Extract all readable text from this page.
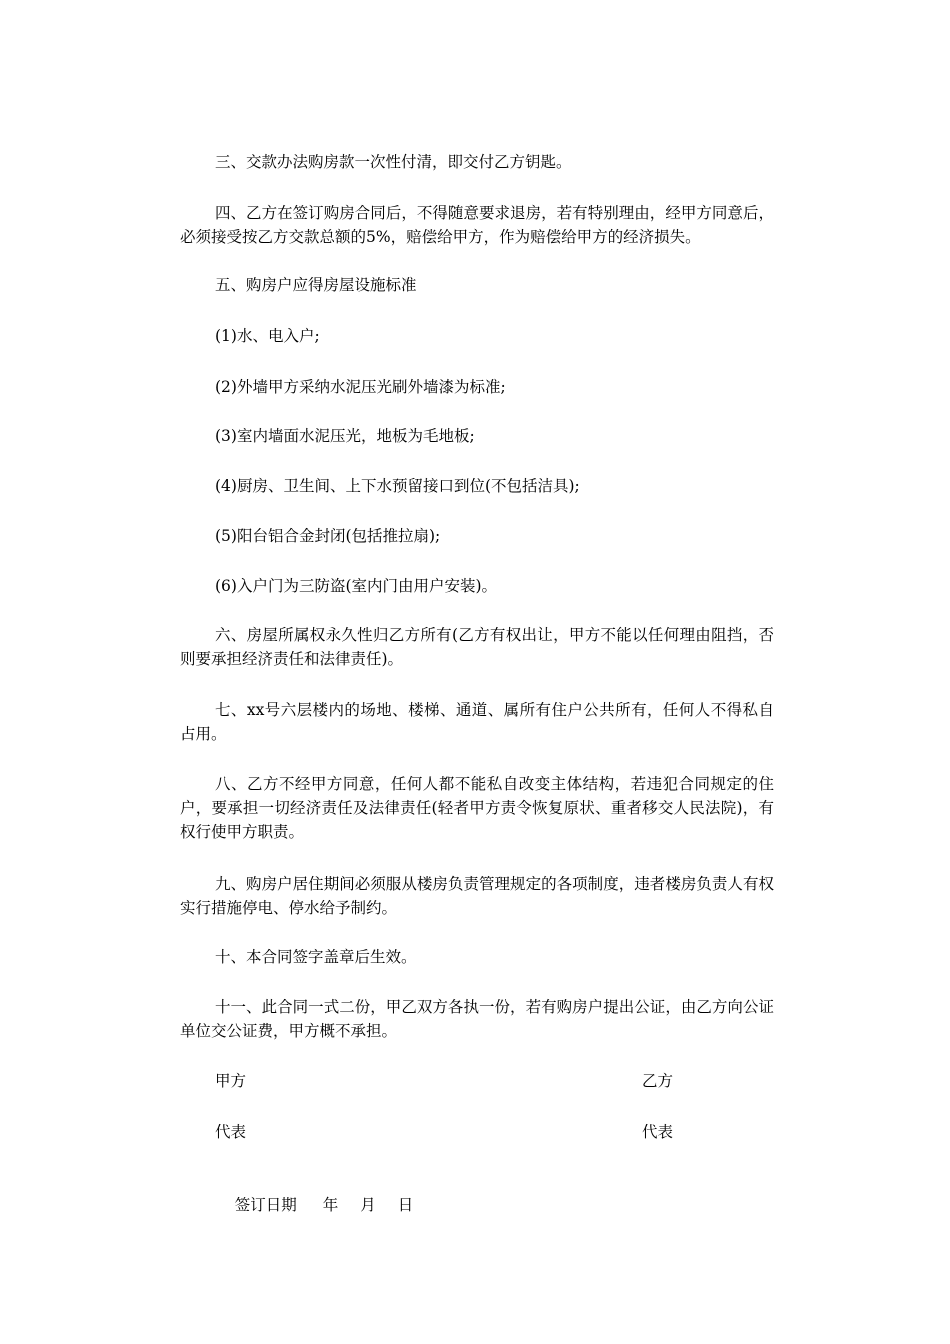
三、交款办法购房款一次性付清，即交付乙方钥匙。

四、乙方在签订购房合同后，不得随意要求退房，若有特别理由，经甲方同意后，必须接受按乙方交款总额的5%，赔偿给甲方，作为赔偿给甲方的经济损失。

五、购房户应得房屋设施标准

(1)水、电入户;

(2)外墙甲方采纳水泥压光刷外墙漆为标准;

(3)室内墙面水泥压光，地板为毛地板;

(4)厨房、卫生间、上下水预留接口到位(不包括洁具);

(5)阳台铝合金封闭(包括推拉扇);

(6)入户门为三防盗(室内门由用户安装)。

六、房屋所属权永久性归乙方所有(乙方有权出让，甲方不能以任何理由阻挡，否则要承担经济责任和法律责任)。

七、xx号六层楼内的场地、楼梯、通道、属所有住户公共所有，任何人不得私自占用。

八、乙方不经甲方同意，任何人都不能私自改变主体结构，若违犯合同规定的住户，要承担一切经济责任及法律责任(轻者甲方责令恢复原状、重者移交人民法院)，有权行使甲方职责。

九、购房户居住期间必须服从楼房负责管理规定的各项制度，违者楼房负责人有权实行措施停电、停水给予制约。

十、本合同签字盖章后生效。

十一、此合同一式二份，甲乙双方各执一份，若有购房户提出公证，由乙方向公证单位交公证费，甲方概不承担。

甲方	乙方
代表	代表

签订日期 年 月 日
